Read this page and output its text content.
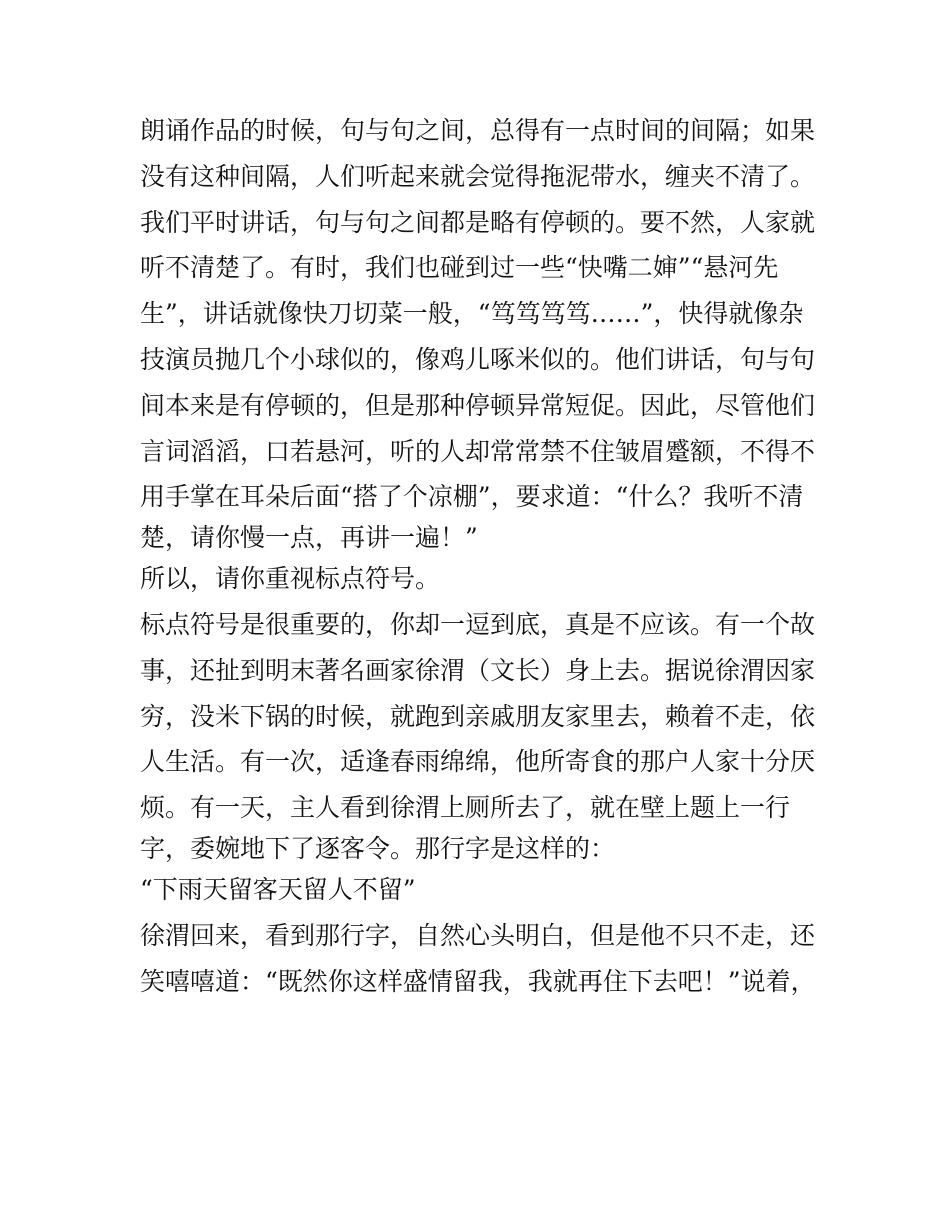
朗诵作品的时候，句与句之间，总得有一点时间的间隔；如果
没有这种间隔，人们听起来就会觉得拖泥带水，缠夹不清了。
我们平时讲话，句与句之间都是略有停顿的。要不然，人家就
听不清楚了。有时，我们也碰到过一些“快嘴二婶”“悬河先
生”，讲话就像快刀切菜一般，“笃笃笃笃……”，快得就像杂
技演员抛几个小球似的，像鸡儿啄米似的。他们讲话，句与句
间本来是有停顿的，但是那种停顿异常短促。因此，尽管他们
言词滔滔，口若悬河，听的人却常常禁不住皱眉蹙额，不得不
用手掌在耳朵后面“搭了个凉棚”，要求道：“什么？我听不清
楚，请你慢一点，再讲一遍！”
所以，请你重视标点符号。
标点符号是很重要的，你却一逗到底，真是不应该。有一个故
事，还扯到明末著名画家徐渭（文长）身上去。据说徐渭因家
穷，没米下锅的时候，就跑到亲戚朋友家里去，赖着不走，依
人生活。有一次，适逢春雨绵绵，他所寄食的那户人家十分厌
烦。有一天，主人看到徐渭上厕所去了，就在壁上题上一行
字，委婉地下了逐客令。那行字是这样的：
“下雨天留客天留人不留”
徐渭回来，看到那行字，自然心头明白，但是他不只不走，还
笑嘻嘻道：“既然你这样盛情留我，我就再住下去吧！”说着，
